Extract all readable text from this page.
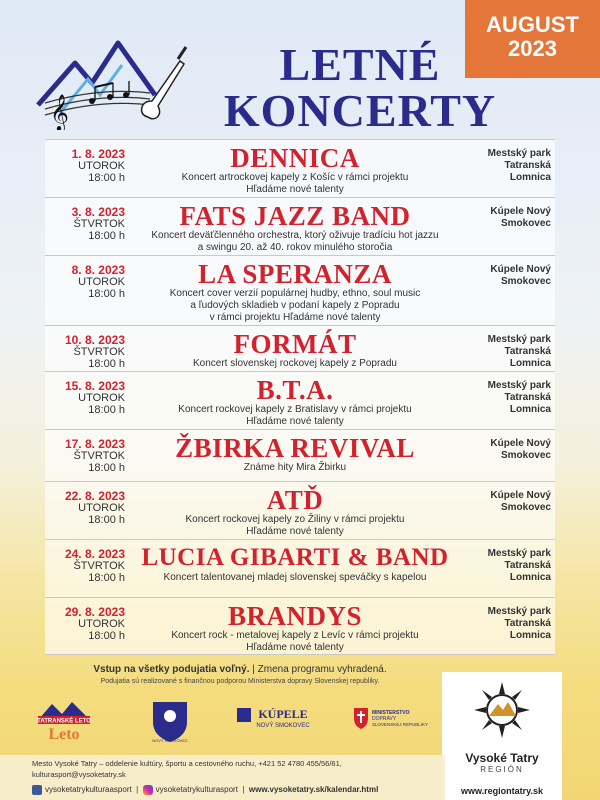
𝄞
LETNÉ
KONCERTY
AUGUST
2023
1. 8. 2023
UTOROK
18:00 h
DENNICA
Koncert artrockovej kapely z Košíc v rámci projektu
Hľadáme nové talenty
Mestský park
Tatranská
Lomnica
3. 8. 2023
ŠTVRTOK
18:00 h
FATS JAZZ BAND
Koncert deväťčlenného orchestra, ktorý oživuje tradíciu hot jazzu
a swingu 20. až 40. rokov minulého storočia
Kúpele Nový
Smokovec
8. 8. 2023
UTOROK
18:00 h
LA SPERANZA
Koncert cover verzií populárnej hudby, ethno, soul music
a ľudových skladieb v podaní kapely z Popradu
v rámci projektu Hľadáme nové talenty
Kúpele Nový
Smokovec
10. 8. 2023
ŠTVRTOK
18:00 h
FORMÁT
Koncert slovenskej rockovej kapely z Popradu
Mestský park
Tatranská
Lomnica
15. 8. 2023
UTOROK
18:00 h
B.T.A.
Koncert rockovej kapely z Bratislavy v rámci projektu
Hľadáme nové talenty
Mestský park
Tatranská
Lomnica
17. 8. 2023
ŠTVRTOK
18:00 h
ŽBIRKA REVIVAL
Známe hity Mira Žbirku
Kúpele Nový
Smokovec
22. 8. 2023
UTOROK
18:00 h
ATĎ
Koncert rockovej kapely zo Žiliny v rámci projektu
Hľadáme nové talenty
Kúpele Nový
Smokovec
24. 8. 2023
ŠTVRTOK
18:00 h
LUCIA GIBARTI & BAND
Koncert talentovanej mladej slovenskej speváčky s kapelou
Mestský park
Tatranská
Lomnica
29. 8. 2023
UTOROK
18:00 h
BRANDYS
Koncert rock - metalovej kapely z Levíc v rámci projektu
Hľadáme nové talenty
Mestský park
Tatranská
Lomnica
Vstup na všetky podujatia voľný. | Zmena programu vyhradená.
Podujatia sú realizované s finančnou podporou Ministerstva dopravy Slovenskej republiky.
TATRANSKÉ LETO
Leto	NOVÝ SMOKOVEC
KÚPELE
NOVÝ SMOKOVEC
MINISTERSTVO
DOPRAVY
SLOVENSKEJ REPUBLIKY
Vysoké Tatry
REGIÓN
www.regiontatry.sk
Mesto Vysoké Tatry – oddelenie kultúry, športu a cestovného ruchu, +421 52 4780 455/56/61, kulturasport@vysoketatry.sk
vysoketatrykulturaasport  |  vysoketatrykulturasport  |  www.vysoketatry.sk/kalendar.html
